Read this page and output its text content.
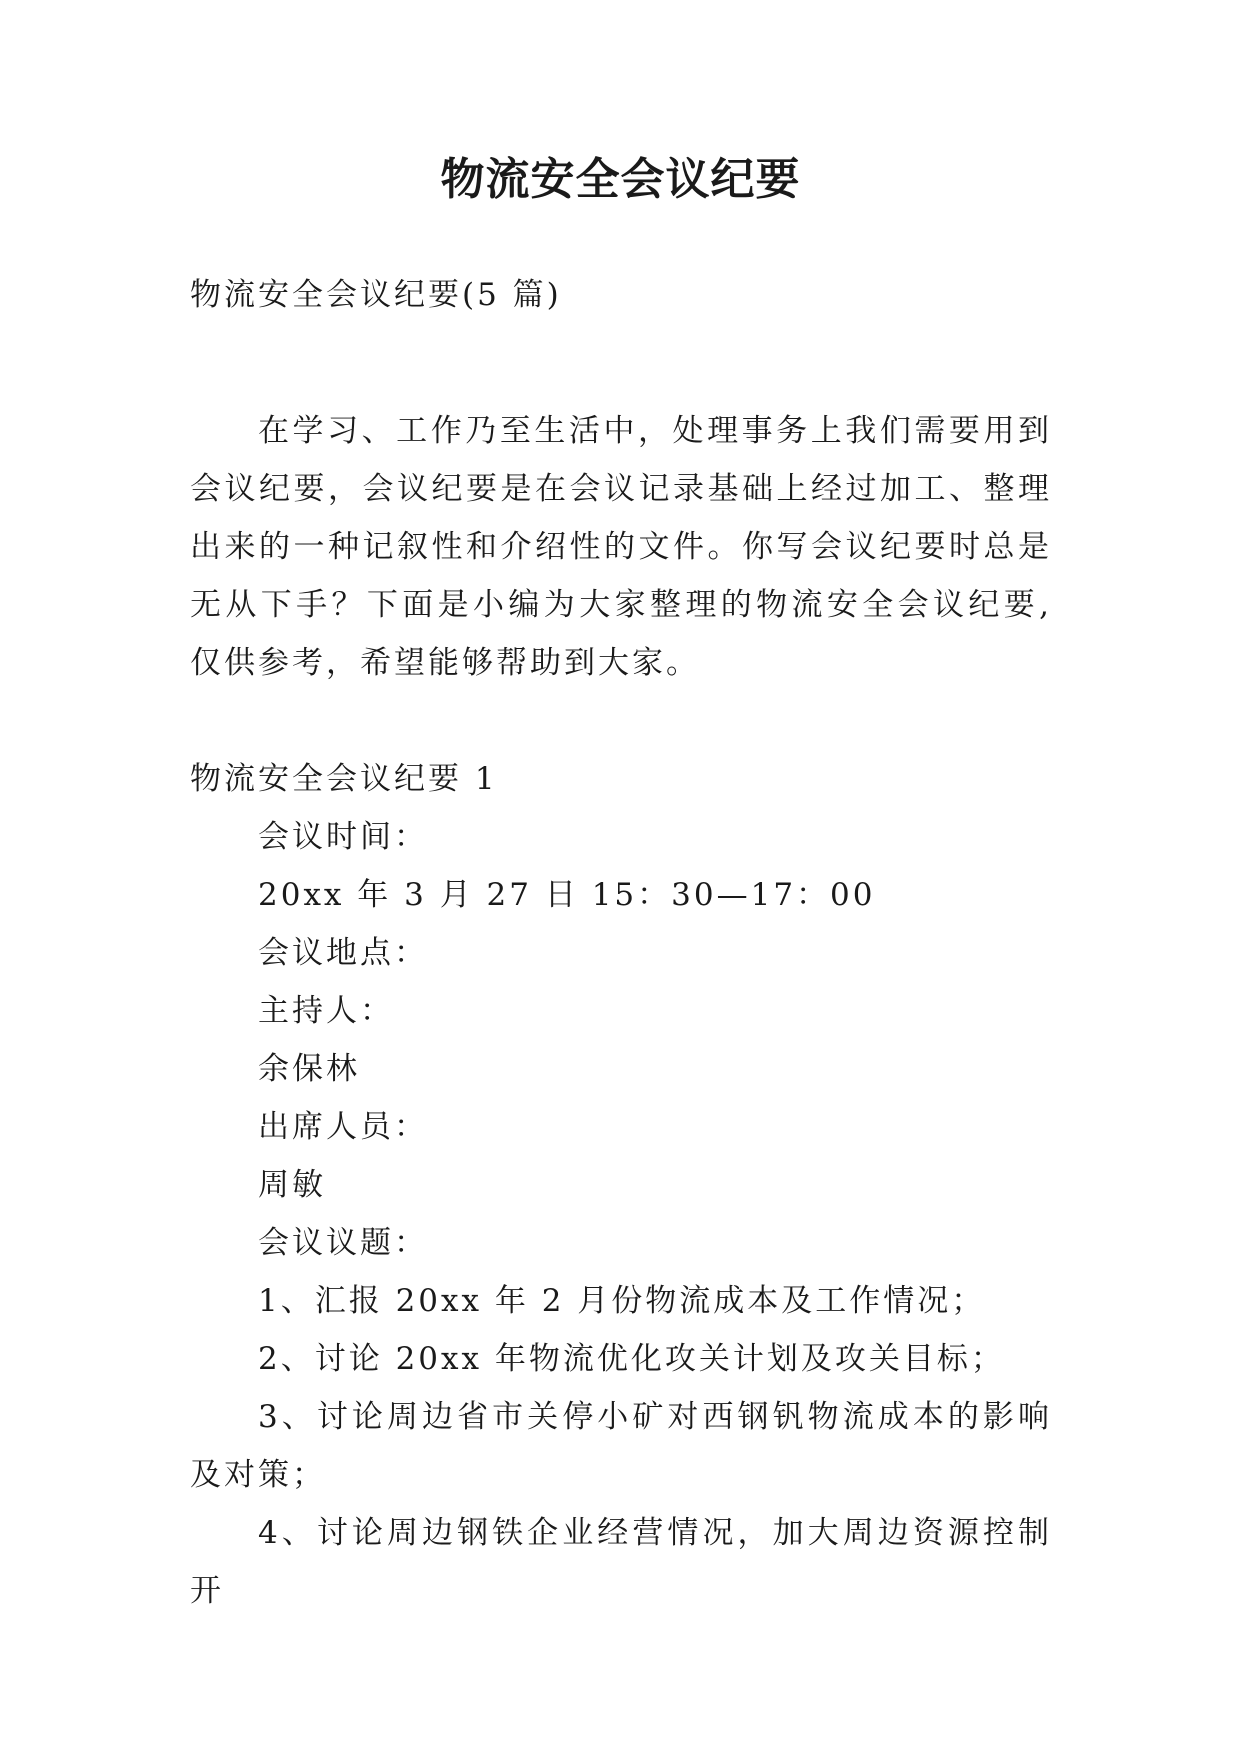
物流安全会议纪要

物流安全会议纪要(5 篇)

在学习、工作乃至生活中，处理事务上我们需要用到会议纪要，会议纪要是在会议记录基础上经过加工、整理出来的一种记叙性和介绍性的文件。你写会议纪要时总是无从下手？下面是小编为大家整理的物流安全会议纪要,仅供参考，希望能够帮助到大家。

物流安全会议纪要 1

会议时间：

20xx 年 3 月 27 日 15：30—17：00

会议地点：

主持人：

余保林

出席人员：

周敏

会议议题：

1、汇报 20xx 年 2 月份物流成本及工作情况；

2、讨论 20xx 年物流优化攻关计划及攻关目标；

3、讨论周边省市关停小矿对西钢钒物流成本的影响及对策；

4、讨论周边钢铁企业经营情况，加大周边资源控制开
